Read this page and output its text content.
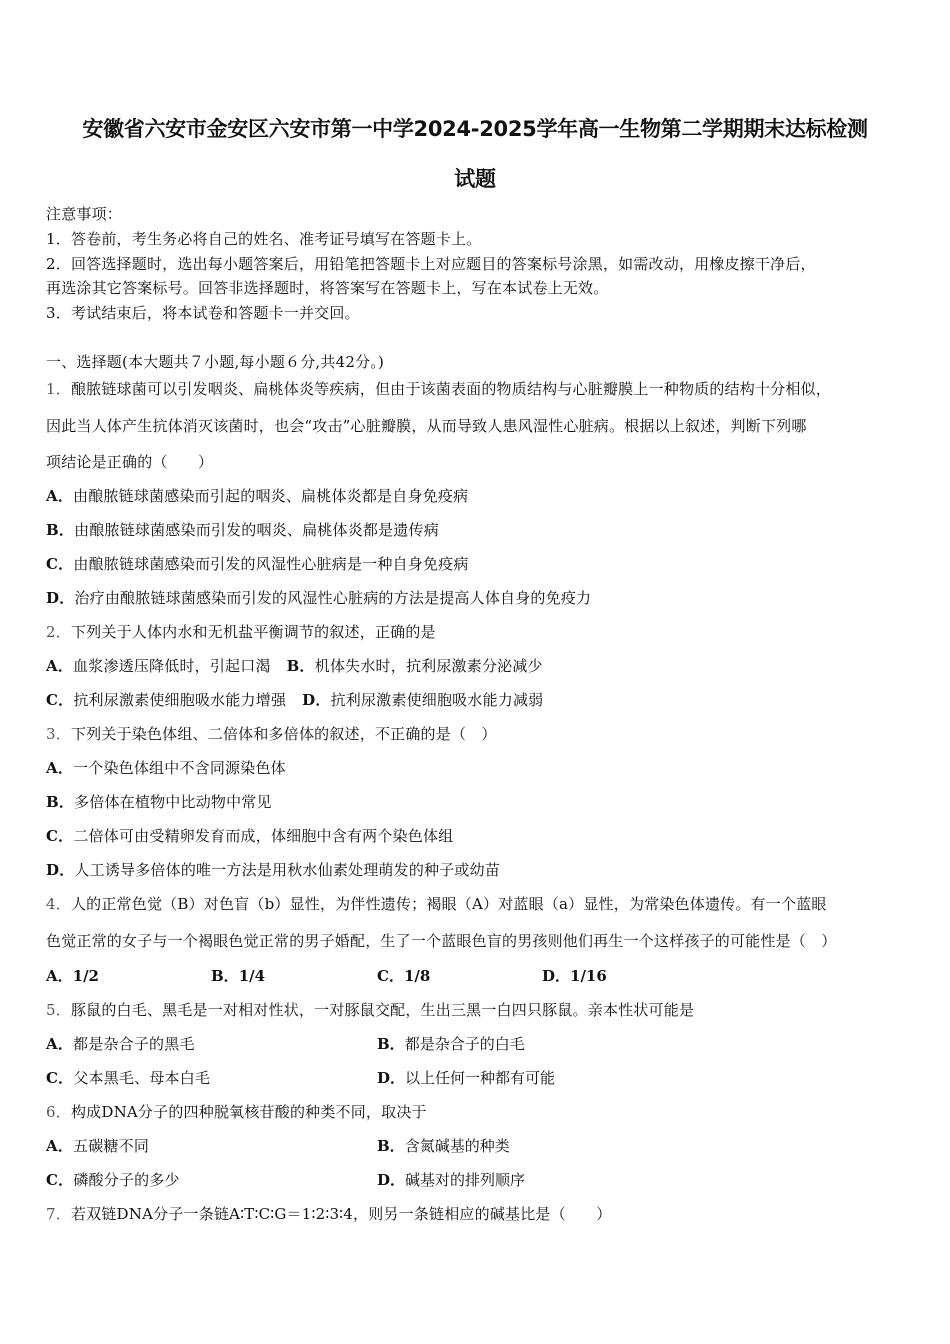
安徽省六安市金安区六安市第一中学2024-2025学年高一生物第二学期期末达标检测
试题
注意事项：
1．答卷前，考生务必将自己的姓名、准考证号填写在答题卡上。
2．回答选择题时，选出每小题答案后，用铅笔把答题卡上对应题目的答案标号涂黑，如需改动，用橡皮擦干净后，
再选涂其它答案标号。回答非选择题时，将答案写在答题卡上，写在本试卷上无效。
3．考试结束后，将本试卷和答题卡一并交回。
一、选择题(本大题共７小题,每小题６分,共42分。)
1．酿脓链球菌可以引发咽炎、扁桃体炎等疾病，但由于该菌表面的物质结构与心脏瓣膜上一种物质的结构十分相似，
因此当人体产生抗体消灭该菌时，也会“攻击”心脏瓣膜，从而导致人患风湿性心脏病。根据以上叙述，判断下列哪
项结论是正确的（　　）
A．由酿脓链球菌感染而引起的咽炎、扁桃体炎都是自身免疫病
B．由酿脓链球菌感染而引发的咽炎、扁桃体炎都是遗传病
C．由酿脓链球菌感染而引发的风湿性心脏病是一种自身免疫病
D．治疗由酿脓链球菌感染而引发的风湿性心脏病的方法是提高人体自身的免疫力
2．下列关于人体内水和无机盐平衡调节的叙述，正确的是
A．血浆渗透压降低时，引起口渴 B．机体失水时，抗利尿激素分泌减少
C．抗利尿激素使细胞吸水能力增强 D．抗利尿激素使细胞吸水能力减弱
3．下列关于染色体组、二倍体和多倍体的叙述，不正确的是（　）
A．一个染色体组中不含同源染色体
B．多倍体在植物中比动物中常见
C．二倍体可由受精卵发育而成，体细胞中含有两个染色体组
D．人工诱导多倍体的唯一方法是用秋水仙素处理萌发的种子或幼苗
4．人的正常色觉（B）对色盲（b）显性，为伴性遗传；褐眼（A）对蓝眼（a）显性，为常染色体遗传。有一个蓝眼
色觉正常的女子与一个褐眼色觉正常的男子婚配，生了一个蓝眼色盲的男孩则他们再生一个这样孩子的可能性是（　）
A．1/2	B．1/4	C．1/8	D．1/16
5．豚鼠的白毛、黑毛是一对相对性状，一对豚鼠交配，生出三黑一白四只豚鼠。亲本性状可能是
A．都是杂合子的黑毛	B．都是杂合子的白毛
C．父本黑毛、母本白毛	D．以上任何一种都有可能
6．构成DNA分子的四种脱氧核苷酸的种类不同，取决于
A．五碳糖不同	B．含氮碱基的种类
C．磷酸分子的多少	D．碱基对的排列顺序
7．若双链DNA分子一条链A∶T∶C∶G＝1∶2∶3∶4，则另一条链相应的碱基比是（　　）
